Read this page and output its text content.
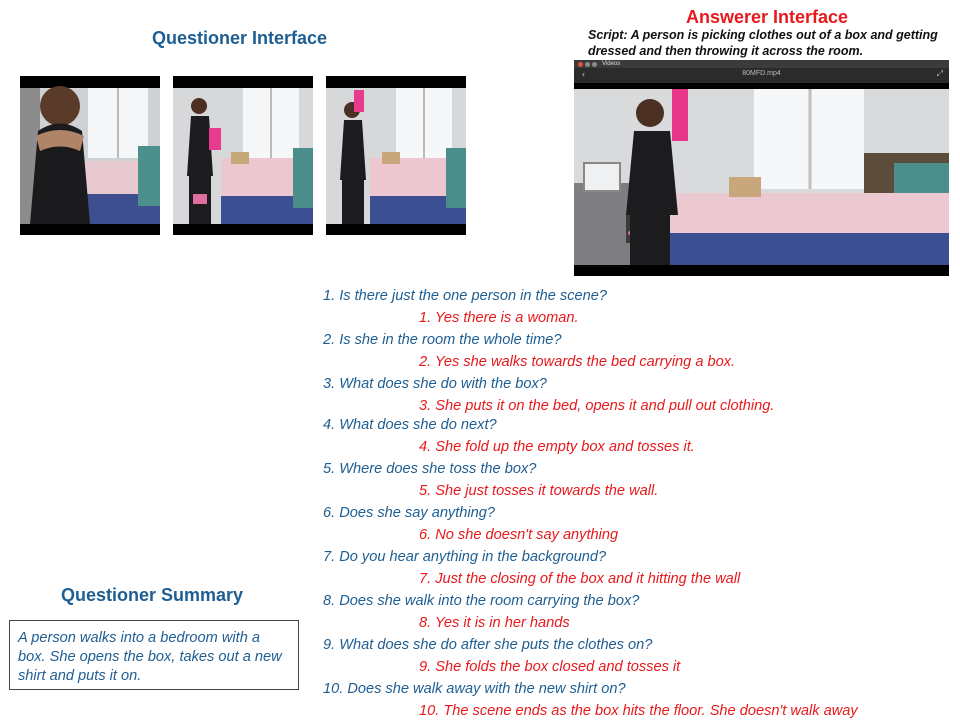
Questioner Interface
Answerer Interface
Script: A person is picking clothes out of a box and getting dressed and then throwing it across the room.
Videos
‹	80MFD.mp4	⤢

1. Is there just the one person in the scene?

1. Yes there is a woman.

2. Is she in the room the whole time?

2. Yes she walks towards the bed carrying a box.

3. What does she do with the box?

3. She puts it on the bed, opens it and pull out clothing.

4. What does she do next?

4. She fold up the empty box and tosses it.

5. Where does she toss the box?

5. She just tosses it towards the wall.

6. Does she say anything?

6. No she doesn't say anything

7. Do you hear anything in the background?

7. Just the closing of the box and it hitting the wall

8. Does she walk into the room carrying the box?

8. Yes it is in her hands

9. What does she do after she puts the clothes on?

9. She folds the box closed and tosses it

10. Does she walk away with the new shirt on?

10. The scene ends as the box hits the floor. She doesn't walk away

Questioner Summary
A person walks into a bedroom with a box. She opens the box, takes out a new shirt and puts it on.
